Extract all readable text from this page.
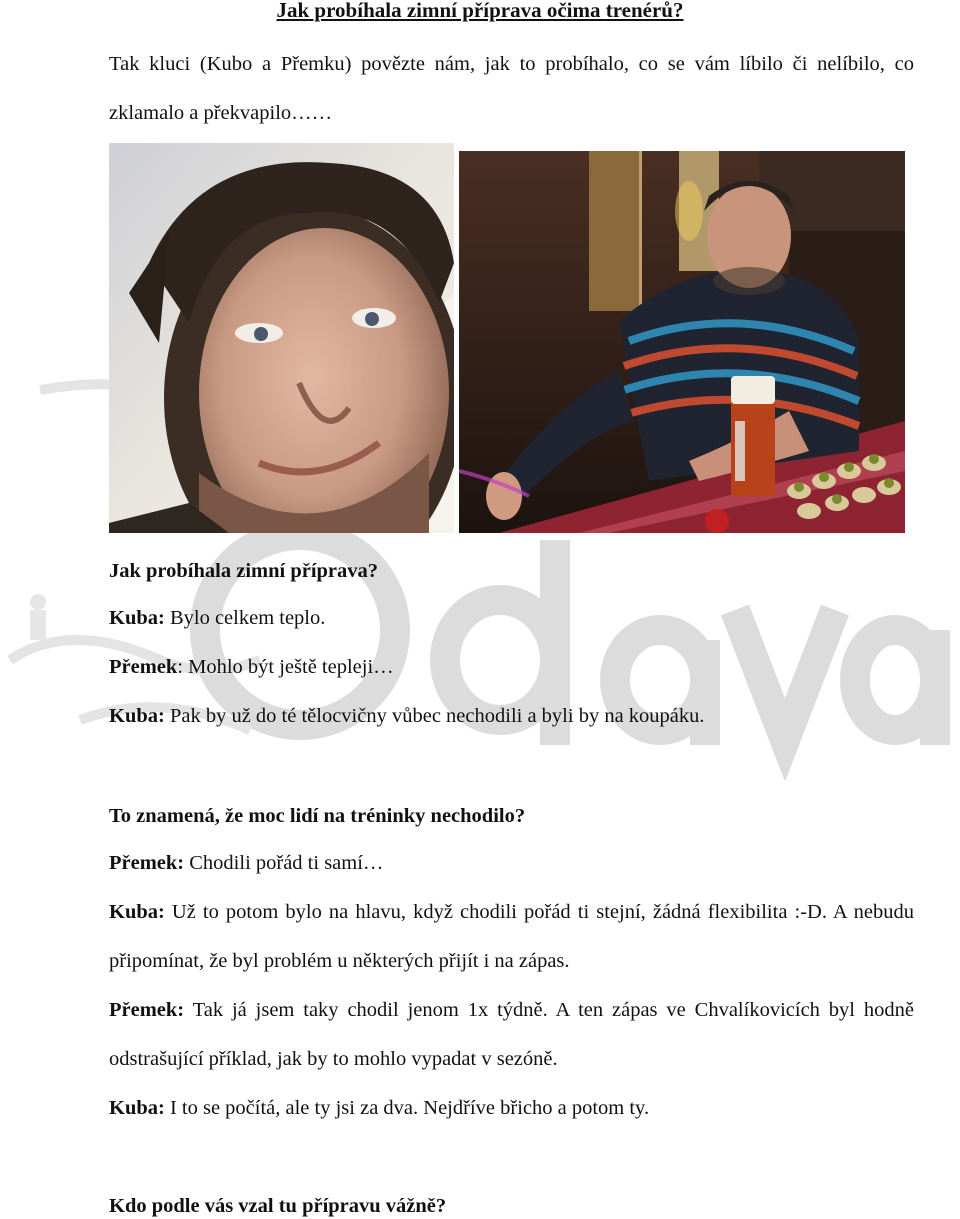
Jak probíhala zimní příprava očima trenérů?
Tak kluci (Kubo a Přemku) povězte nám, jak to probíhalo, co se vám líbilo či nelíbilo, co zklamalo a překvapilo……
Jak probíhala zimní příprava?
Kuba: Bylo celkem teplo.
Přemek: Mohlo být ještě tepleji…
Kuba: Pak by už do té tělocvičny vůbec nechodili a byli by na koupáku.
To znamená, že moc lidí na tréninky nechodilo?
Přemek: Chodili pořád ti samí…
Kuba: Už to potom bylo na hlavu, když chodili pořád ti stejní, žádná flexibilita :-D. A nebudu připomínat, že byl problém u některých přijít i na zápas.
Přemek: Tak já jsem taky chodil jenom 1x týdně. A ten zápas ve Chvalíkovicích byl hodně odstrašující příklad, jak by to mohlo vypadat v sezóně.
Kuba: I to se počítá, ale ty jsi za dva. Nejdříve břicho a potom ty.
Kdo podle vás vzal tu přípravu vážně?
